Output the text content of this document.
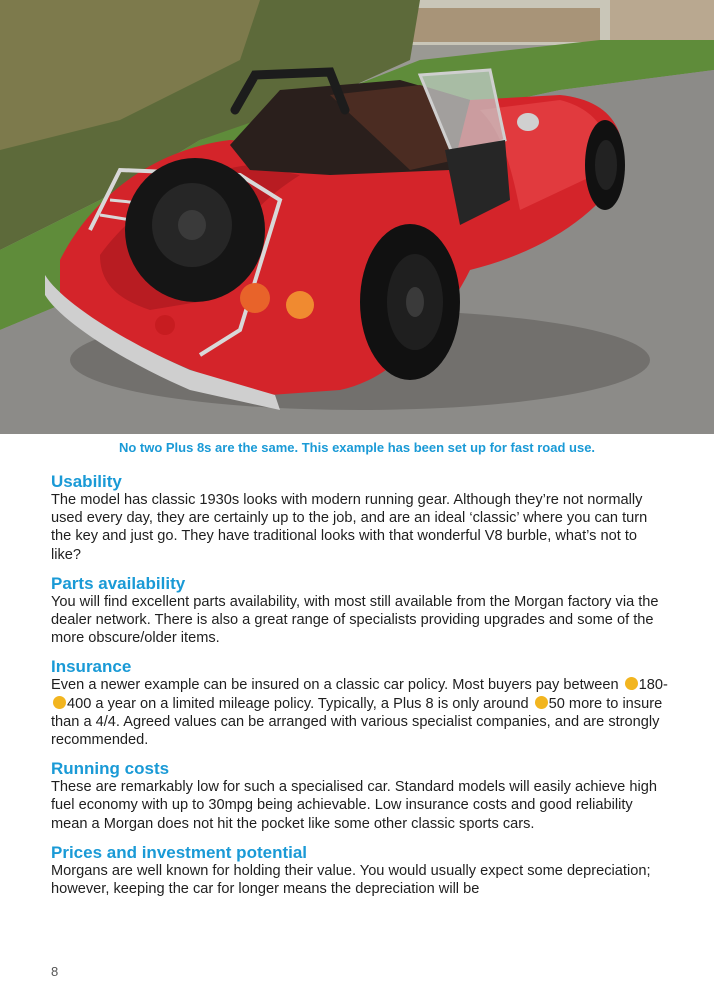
No two Plus 8s are the same. This example has been set up for fast road use.
Usability

The model has classic 1930s looks with modern running gear. Although they’re not normally used every day, they are certainly up to the job, and are an ideal ‘classic’ where you can turn the key and just go. They have traditional looks with that wonderful V8 burble, what’s not to like?

Parts availability

You will find excellent parts availability, with most still available from the Morgan factory via the dealer network. There is also a great range of specialists providing upgrades and some of the more obscure/older items.

Insurance

Even a newer example can be insured on a classic car policy. Most buyers pay between 180-400 a year on a limited mileage policy. Typically, a Plus 8 is only around 50 more to insure than a 4/4. Agreed values can be arranged with various specialist companies, and are strongly recommended.

Running costs

These are remarkably low for such a specialised car. Standard models will easily achieve high fuel economy with up to 30mpg being achievable. Low insurance costs and good reliability mean a Morgan does not hit the pocket like some other classic sports cars.

Prices and investment potential

Morgans are well known for holding their value. You would usually expect some depreciation; however, keeping the car for longer means the depreciation will be

8
